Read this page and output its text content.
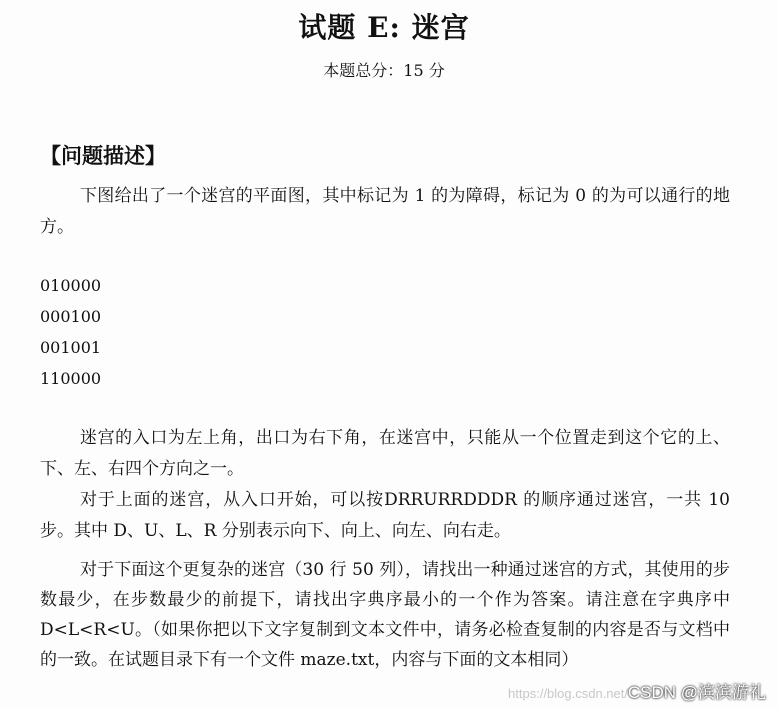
试题 E: 迷宫
本题总分：15 分
【问题描述】
下图给出了一个迷宫的平面图，其中标记为 1 的为障碍，标记为 0 的为可以通行的地方。
010000
000100
001001
110000
迷宫的入口为左上角，出口为右下角，在迷宫中，只能从一个位置走到这个它的上、下、左、右四个方向之一。
对于上面的迷宫，从入口开始，可以按DRRURRDDDR 的顺序通过迷宫，一共 10 步。其中 D、U、L、R 分别表示向下、向上、向左、向右走。
对于下面这个更复杂的迷宫（30 行 50 列），请找出一种通过迷宫的方式，其使用的步数最少，在步数最少的前提下，请找出字典序最小的一个作为答案。请注意在字典序中D<L<R<U。（如果你把以下文字复制到文本文件中，请务必检查复制的内容是否与文档中的一致。在试题目录下有一个文件 maze.txt，内容与下面的文本相同）
https://blog.csdn.net/ CSDN @滨滨游礼
